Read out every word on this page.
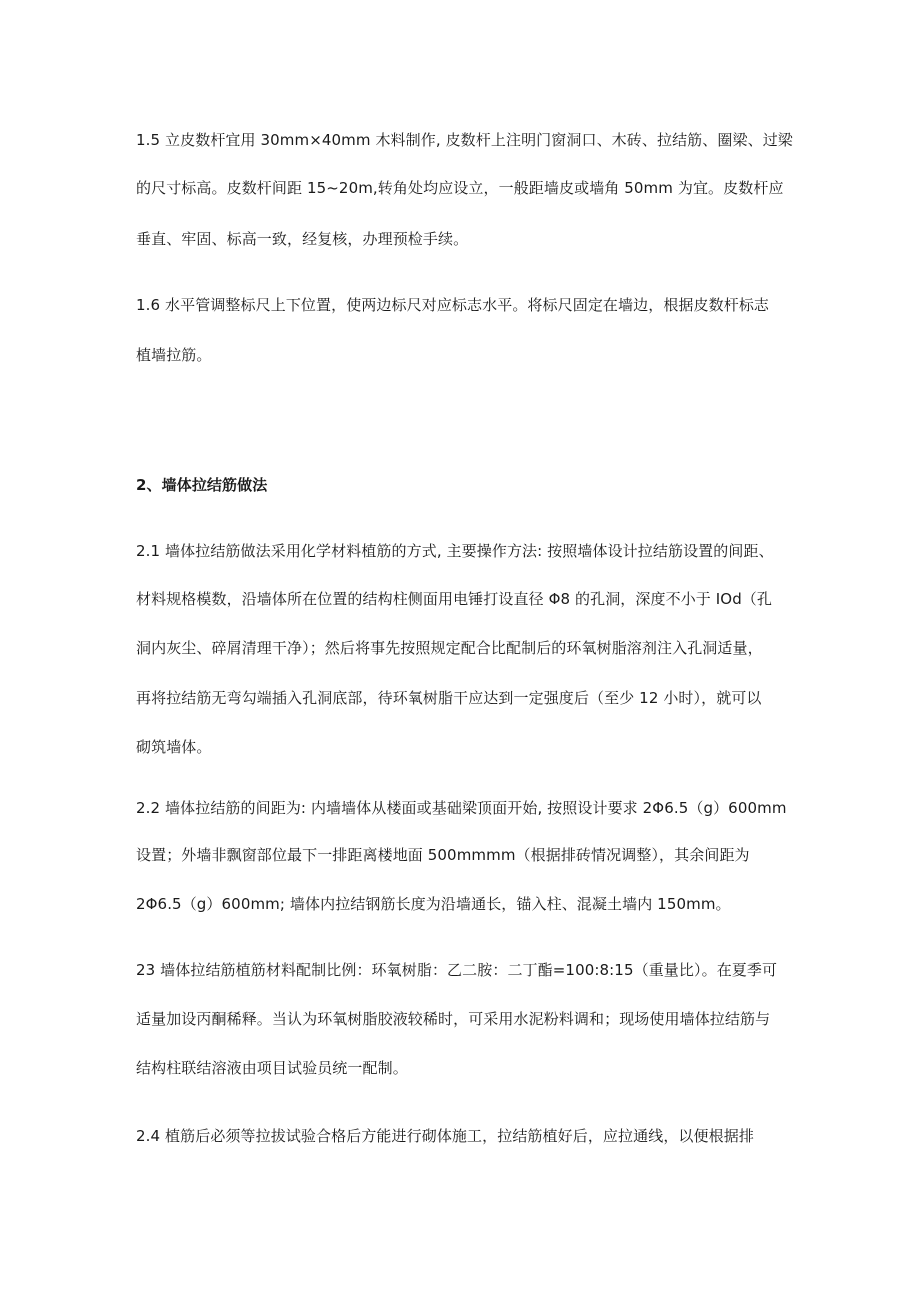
1.5 立皮数杆宜用 30mm×40mm 木料制作, 皮数杆上注明门窗洞口、木砖、拉结筋、圈梁、过梁
的尺寸标高。皮数杆间距 15~20m,转角处均应设立，一般距墙皮或墙角 50mm 为宜。皮数杆应
垂直、牢固、标高一致，经复核，办理预检手续。
1.6 水平管调整标尺上下位置，使两边标尺对应标志水平。将标尺固定在墙边，根据皮数杆标志
植墙拉筋。
2、墙体拉结筋做法
2.1 墙体拉结筋做法采用化学材料植筋的方式, 主要操作方法: 按照墙体设计拉结筋设置的间距、
材料规格模数，沿墙体所在位置的结构柱侧面用电锤打设直径 Φ8 的孔洞，深度不小于 IOd（孔
洞内灰尘、碎屑清理干净）；然后将事先按照规定配合比配制后的环氧树脂溶剂注入孔洞适量，
再将拉结筋无弯勾端插入孔洞底部，待环氧树脂干应达到一定强度后（至少 12 小时），就可以
砌筑墙体。
2.2 墙体拉结筋的间距为: 内墙墙体从楼面或基础梁顶面开始, 按照设计要求 2Φ6.5（g）600mm
设置；外墙非飘窗部位最下一排距离楼地面 500mmmm（根据排砖情况调整），其余间距为
2Φ6.5（g）600mm; 墙体内拉结钢筋长度为沿墙通长，锚入柱、混凝土墙内 150mm。
23 墙体拉结筋植筋材料配制比例：环氧树脂：乙二胺：二丁酯=100:8:15（重量比）。在夏季可
适量加设丙酮稀释。当认为环氧树脂胶液较稀时，可采用水泥粉料调和；现场使用墙体拉结筋与
结构柱联结溶液由项目试验员统一配制。
2.4 植筋后必须等拉拔试验合格后方能进行砌体施工，拉结筋植好后，应拉通线，以便根据排
